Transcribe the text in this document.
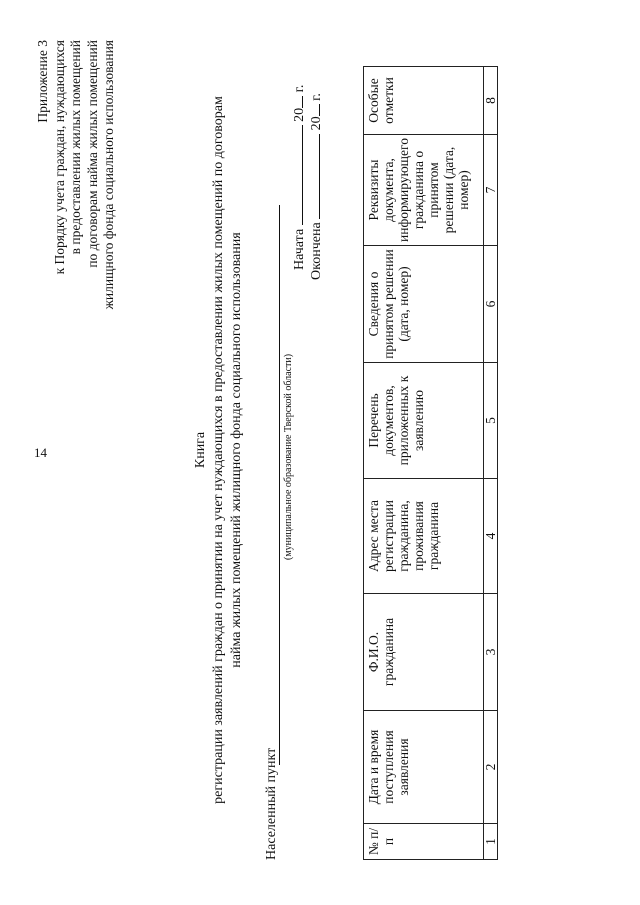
14
Приложение 3 к Порядку учета граждан, нуждающихся в предоставлении жилых помещений по договорам найма жилых помещений жилищного фонда социального использования
Книга регистрации заявлений граждан о принятии на учет нуждающихся в предоставлении жилых помещений по договорам найма жилых помещений жилищного фонда социального использования
Населенный пункт
(муниципальное образование Тверской области)
Начата  20 г.
Окончена  20 г.
№ п/п	Дата и время поступления заявления	Ф.И.О. гражданина	Адрес места регистрации гражданина, проживания гражданина	Перечень документов, приложенных к заявлению	Сведения о принятом решении (дата, номер)	Реквизиты документа, информирующего гражданина о принятом решении (дата, номер)	Особые отметки
1	2	3	4	5	6	7	8
